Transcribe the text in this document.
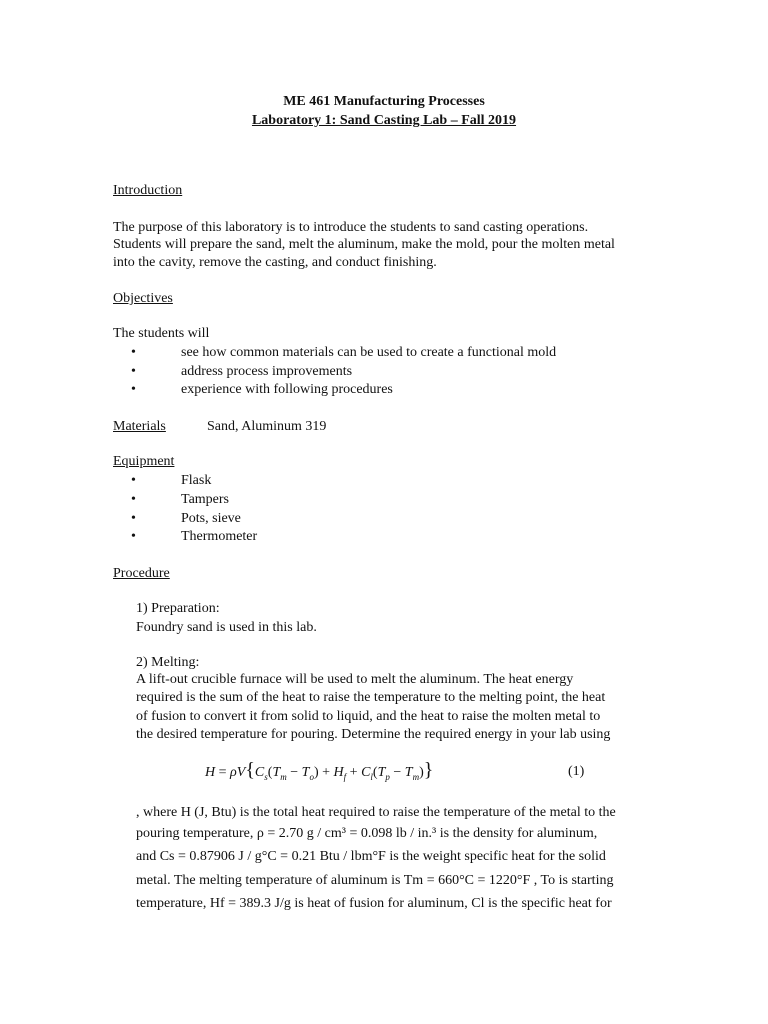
ME 461 Manufacturing Processes
Laboratory 1: Sand Casting Lab – Fall 2019
Introduction
The purpose of this laboratory is to introduce the students to sand casting operations.
Students will prepare the sand, melt the aluminum, make the mold, pour the molten metal
into the cavity, remove the casting, and conduct finishing.
Objectives
The students will
•	see how common materials can be used to create a functional mold
•	address process improvements
•	experience with following procedures
Materials	Sand, Aluminum 319
Equipment
•	Flask
•	Tampers
•	Pots, sieve
•	Thermometer
Procedure
1) Preparation:
Foundry sand is used in this lab.
2) Melting:
A lift-out crucible furnace will be used to melt the aluminum. The heat energy
required is the sum of the heat to raise the temperature to the melting point, the heat
of fusion to convert it from solid to liquid, and the heat to raise the molten metal to
the desired temperature for pouring. Determine the required energy in your lab using
$H = \rho V\{C_s(T_m - T_o) + H_f + C_l(T_p - T_m)\}$	(1)
, where H (J, Btu) is the total heat required to raise the temperature of the metal to the
pouring temperature, ρ = 2.70 g / cm³ = 0.098 lb / in.³ is the density for aluminum,
and Cs = 0.87906 J / g°C = 0.21 Btu / lbm°F is the weight specific heat for the solid
metal. The melting temperature of aluminum is Tm = 660°C = 1220°F , To is starting
temperature, Hf = 389.3 J/g is heat of fusion for aluminum, Cl is the specific heat for
